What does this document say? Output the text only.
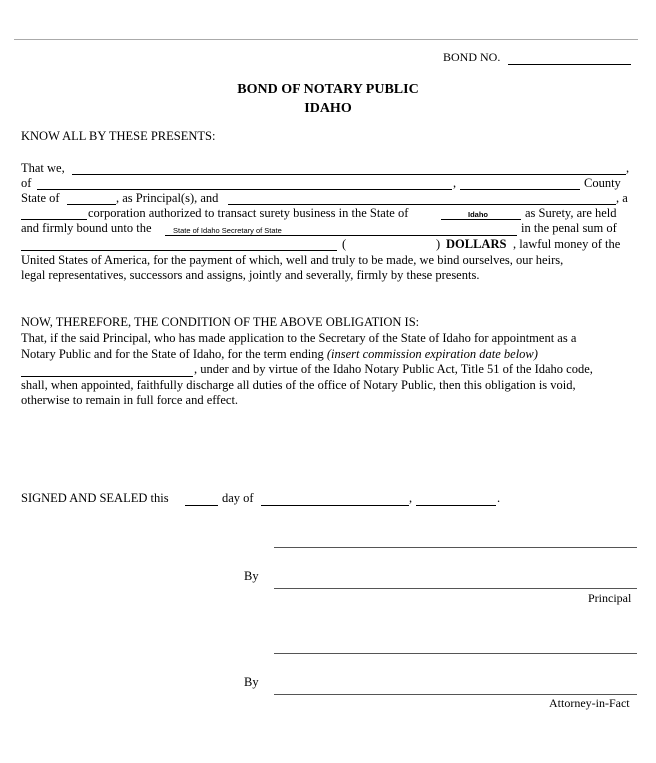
BOND NO.
BOND OF NOTARY PUBLIC
IDAHO
KNOW ALL BY THESE PRESENTS:
That we,	,
of	,	County
State of	, as Principal(s), and	, a
corporation authorized to transact surety business in the State of	Idaho	as Surety, are held
and firmly bound unto the	State of Idaho Secretary of State	in the penal sum of
(	) DOLLARS , lawful money of the
United States of America, for the payment of which, well and truly to be made, we bind ourselves, our heirs,
legal representatives, successors and assigns, jointly and severally, firmly by these presents.
NOW, THEREFORE, THE CONDITION OF THE ABOVE OBLIGATION IS:
That, if the said Principal, who has made application to the Secretary of the State of Idaho for appointment as a
Notary Public and for the State of Idaho, for the term ending (insert commission expiration date below)
, under and by virtue of the Idaho Notary Public Act, Title 51 of the Idaho code,
shall, when appointed, faithfully discharge all duties of the office of Notary Public, then this obligation is void,
otherwise to remain in full force and effect.
SIGNED AND SEALED this	day of	,	.
By
Principal
By
Attorney-in-Fact
